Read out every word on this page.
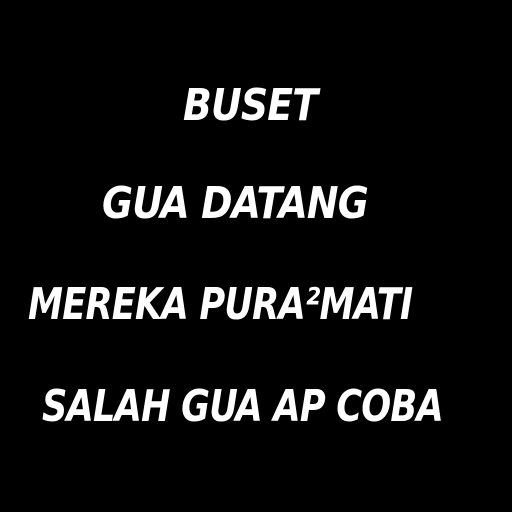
BUSET

GUA DATANG

MEREKA PURA²MATI

SALAH GUA AP COBA
